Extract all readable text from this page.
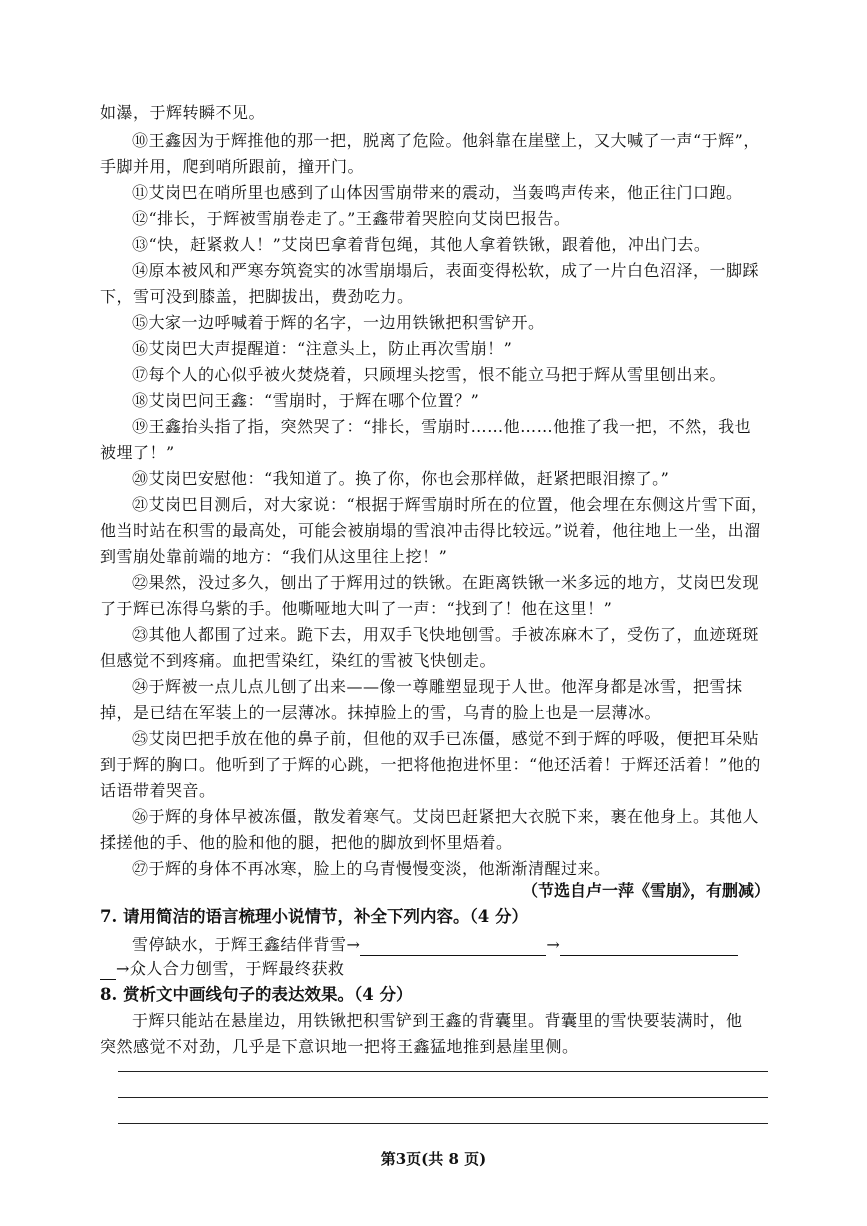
如瀑，于辉转瞬不见。
⑩王鑫因为于辉推他的那一把，脱离了危险。他斜靠在崖壁上，又大喊了一声“于辉”，
手脚并用，爬到哨所跟前，撞开门。
⑪艾岗巴在哨所里也感到了山体因雪崩带来的震动，当轰鸣声传来，他正往门口跑。
⑫“排长，于辉被雪崩卷走了。”王鑫带着哭腔向艾岗巴报告。
⑬“快，赶紧救人！”艾岗巴拿着背包绳，其他人拿着铁锹，跟着他，冲出门去。
⑭原本被风和严寒夯筑瓷实的冰雪崩塌后，表面变得松软，成了一片白色沼泽，一脚踩
下，雪可没到膝盖，把脚拔出，费劲吃力。
⑮大家一边呼喊着于辉的名字，一边用铁锹把积雪铲开。
⑯艾岗巴大声提醒道：“注意头上，防止再次雪崩！”
⑰每个人的心似乎被火焚烧着，只顾埋头挖雪，恨不能立马把于辉从雪里刨出来。
⑱艾岗巴问王鑫：“雪崩时，于辉在哪个位置？”
⑲王鑫抬头指了指，突然哭了：“排长，雪崩时……他……他推了我一把，不然，我也
被埋了！”
⑳艾岗巴安慰他：“我知道了。换了你，你也会那样做，赶紧把眼泪擦了。”
㉑艾岗巴目测后，对大家说：“根据于辉雪崩时所在的位置，他会埋在东侧这片雪下面，
他当时站在积雪的最高处，可能会被崩塌的雪浪冲击得比较远。”说着，他往地上一坐，出溜
到雪崩处靠前端的地方：“我们从这里往上挖！”
㉒果然，没过多久，刨出了于辉用过的铁锹。在距离铁锹一米多远的地方，艾岗巴发现
了于辉已冻得乌紫的手。他嘶哑地大叫了一声：“找到了！他在这里！”
㉓其他人都围了过来。跪下去，用双手飞快地刨雪。手被冻麻木了，受伤了，血迹斑斑
但感觉不到疼痛。血把雪染红，染红的雪被飞快刨走。
㉔于辉被一点儿点儿刨了出来——像一尊雕塑显现于人世。他浑身都是冰雪，把雪抹
掉，是已结在军装上的一层薄冰。抹掉脸上的雪，乌青的脸上也是一层薄冰。
㉕艾岗巴把手放在他的鼻子前，但他的双手已冻僵，感觉不到于辉的呼吸，便把耳朵贴
到于辉的胸口。他听到了于辉的心跳，一把将他抱进怀里：“他还活着！于辉还活着！”他的
话语带着哭音。
㉖于辉的身体早被冻僵，散发着寒气。艾岗巴赶紧把大衣脱下来，裹在他身上。其他人
揉搓他的手、他的脸和他的腿，把他的脚放到怀里焐着。
㉗于辉的身体不再冰寒，脸上的乌青慢慢变淡，他渐渐清醒过来。
（节选自卢一萍《雪崩》，有删减）
7. 请用简洁的语言梳理小说情节，补全下列内容。（4 分）
雪停缺水，于辉王鑫结伴背雪→	→
→众人合力刨雪，于辉最终获救
8. 赏析文中画线句子的表达效果。（4 分）
于辉只能站在悬崖边，用铁锹把积雪铲到王鑫的背囊里。背囊里的雪快要装满时，他
突然感觉不对劲，几乎是下意识地一把将王鑫猛地推到悬崖里侧。
第3页(共 8 页)
